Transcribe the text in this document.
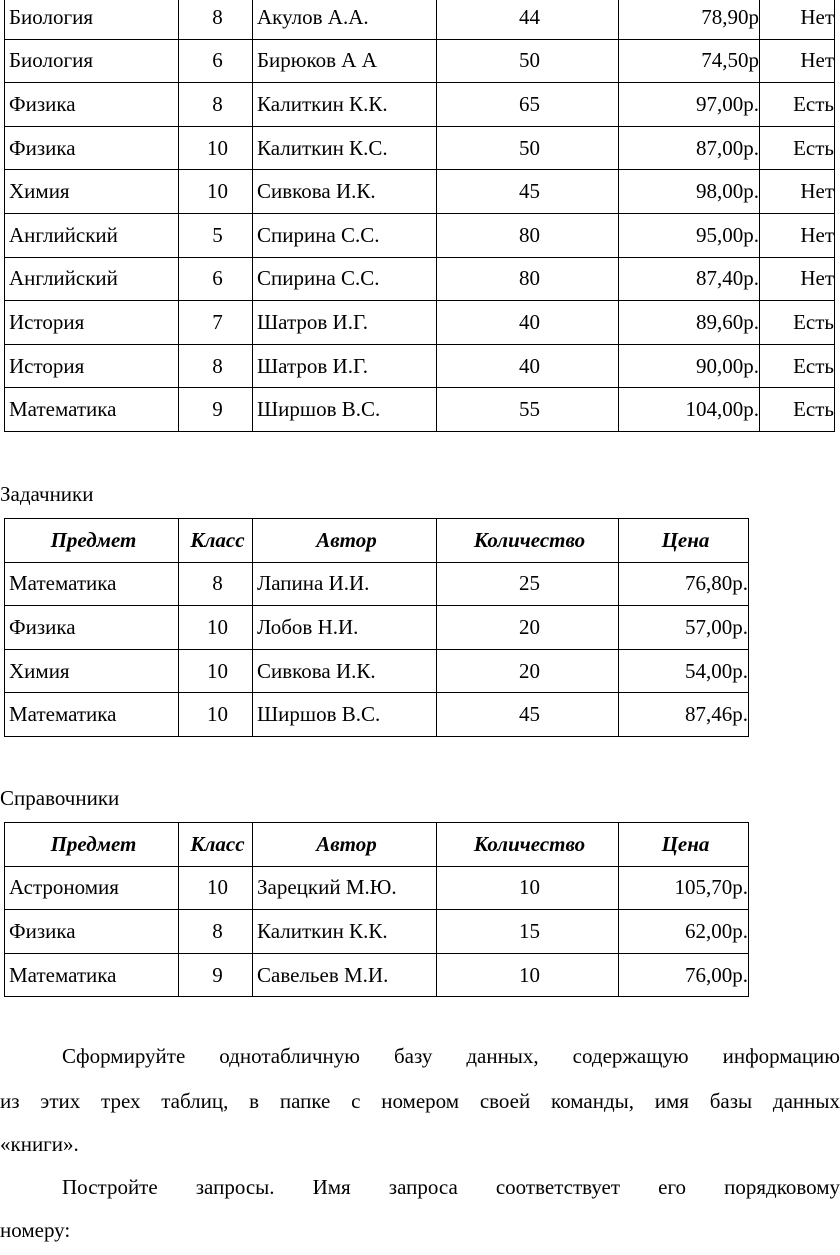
Биология	8	Акулов А.А.	44	78,90р	Нет
Биология	6	Бирюков А А	50	74,50р	Нет
Физика	8	Калиткин К.К.	65	97,00р.	Есть
Физика	10	Калиткин К.С.	50	87,00р.	Есть
Химия	10	Сивкова И.К.	45	98,00р.	Нет
Английский	5	Спирина С.С.	80	95,00р.	Нет
Английский	6	Спирина С.С.	80	87,40р.	Нет
История	7	Шатров И.Г.	40	89,60р.	Есть
История	8	Шатров И.Г.	40	90,00р.	Есть
Математика	9	Ширшов В.С.	55	104,00р.	Есть
Задачники
Предмет	Класс	Автор	Количество	Цена
Математика	8	Лапина И.И.	25	76,80р.
Физика	10	Лобов Н.И.	20	57,00р.
Химия	10	Сивкова И.К.	20	54,00р.
Математика	10	Ширшов В.С.	45	87,46р.
Справочники
Предмет	Класс	Автор	Количество	Цена
Астрономия	10	Зарецкий М.Ю.	10	105,70р.
Физика	8	Калиткин К.К.	15	62,00р.
Математика	9	Савельев М.И.	10	76,00р.
Сформируйте однотабличную базу данных, содержащую информацию
из этих трех таблиц, в папке с номером своей команды, имя базы данных
«книги».
Постройте запросы. Имя запроса соответствует его порядковому
номеру:
